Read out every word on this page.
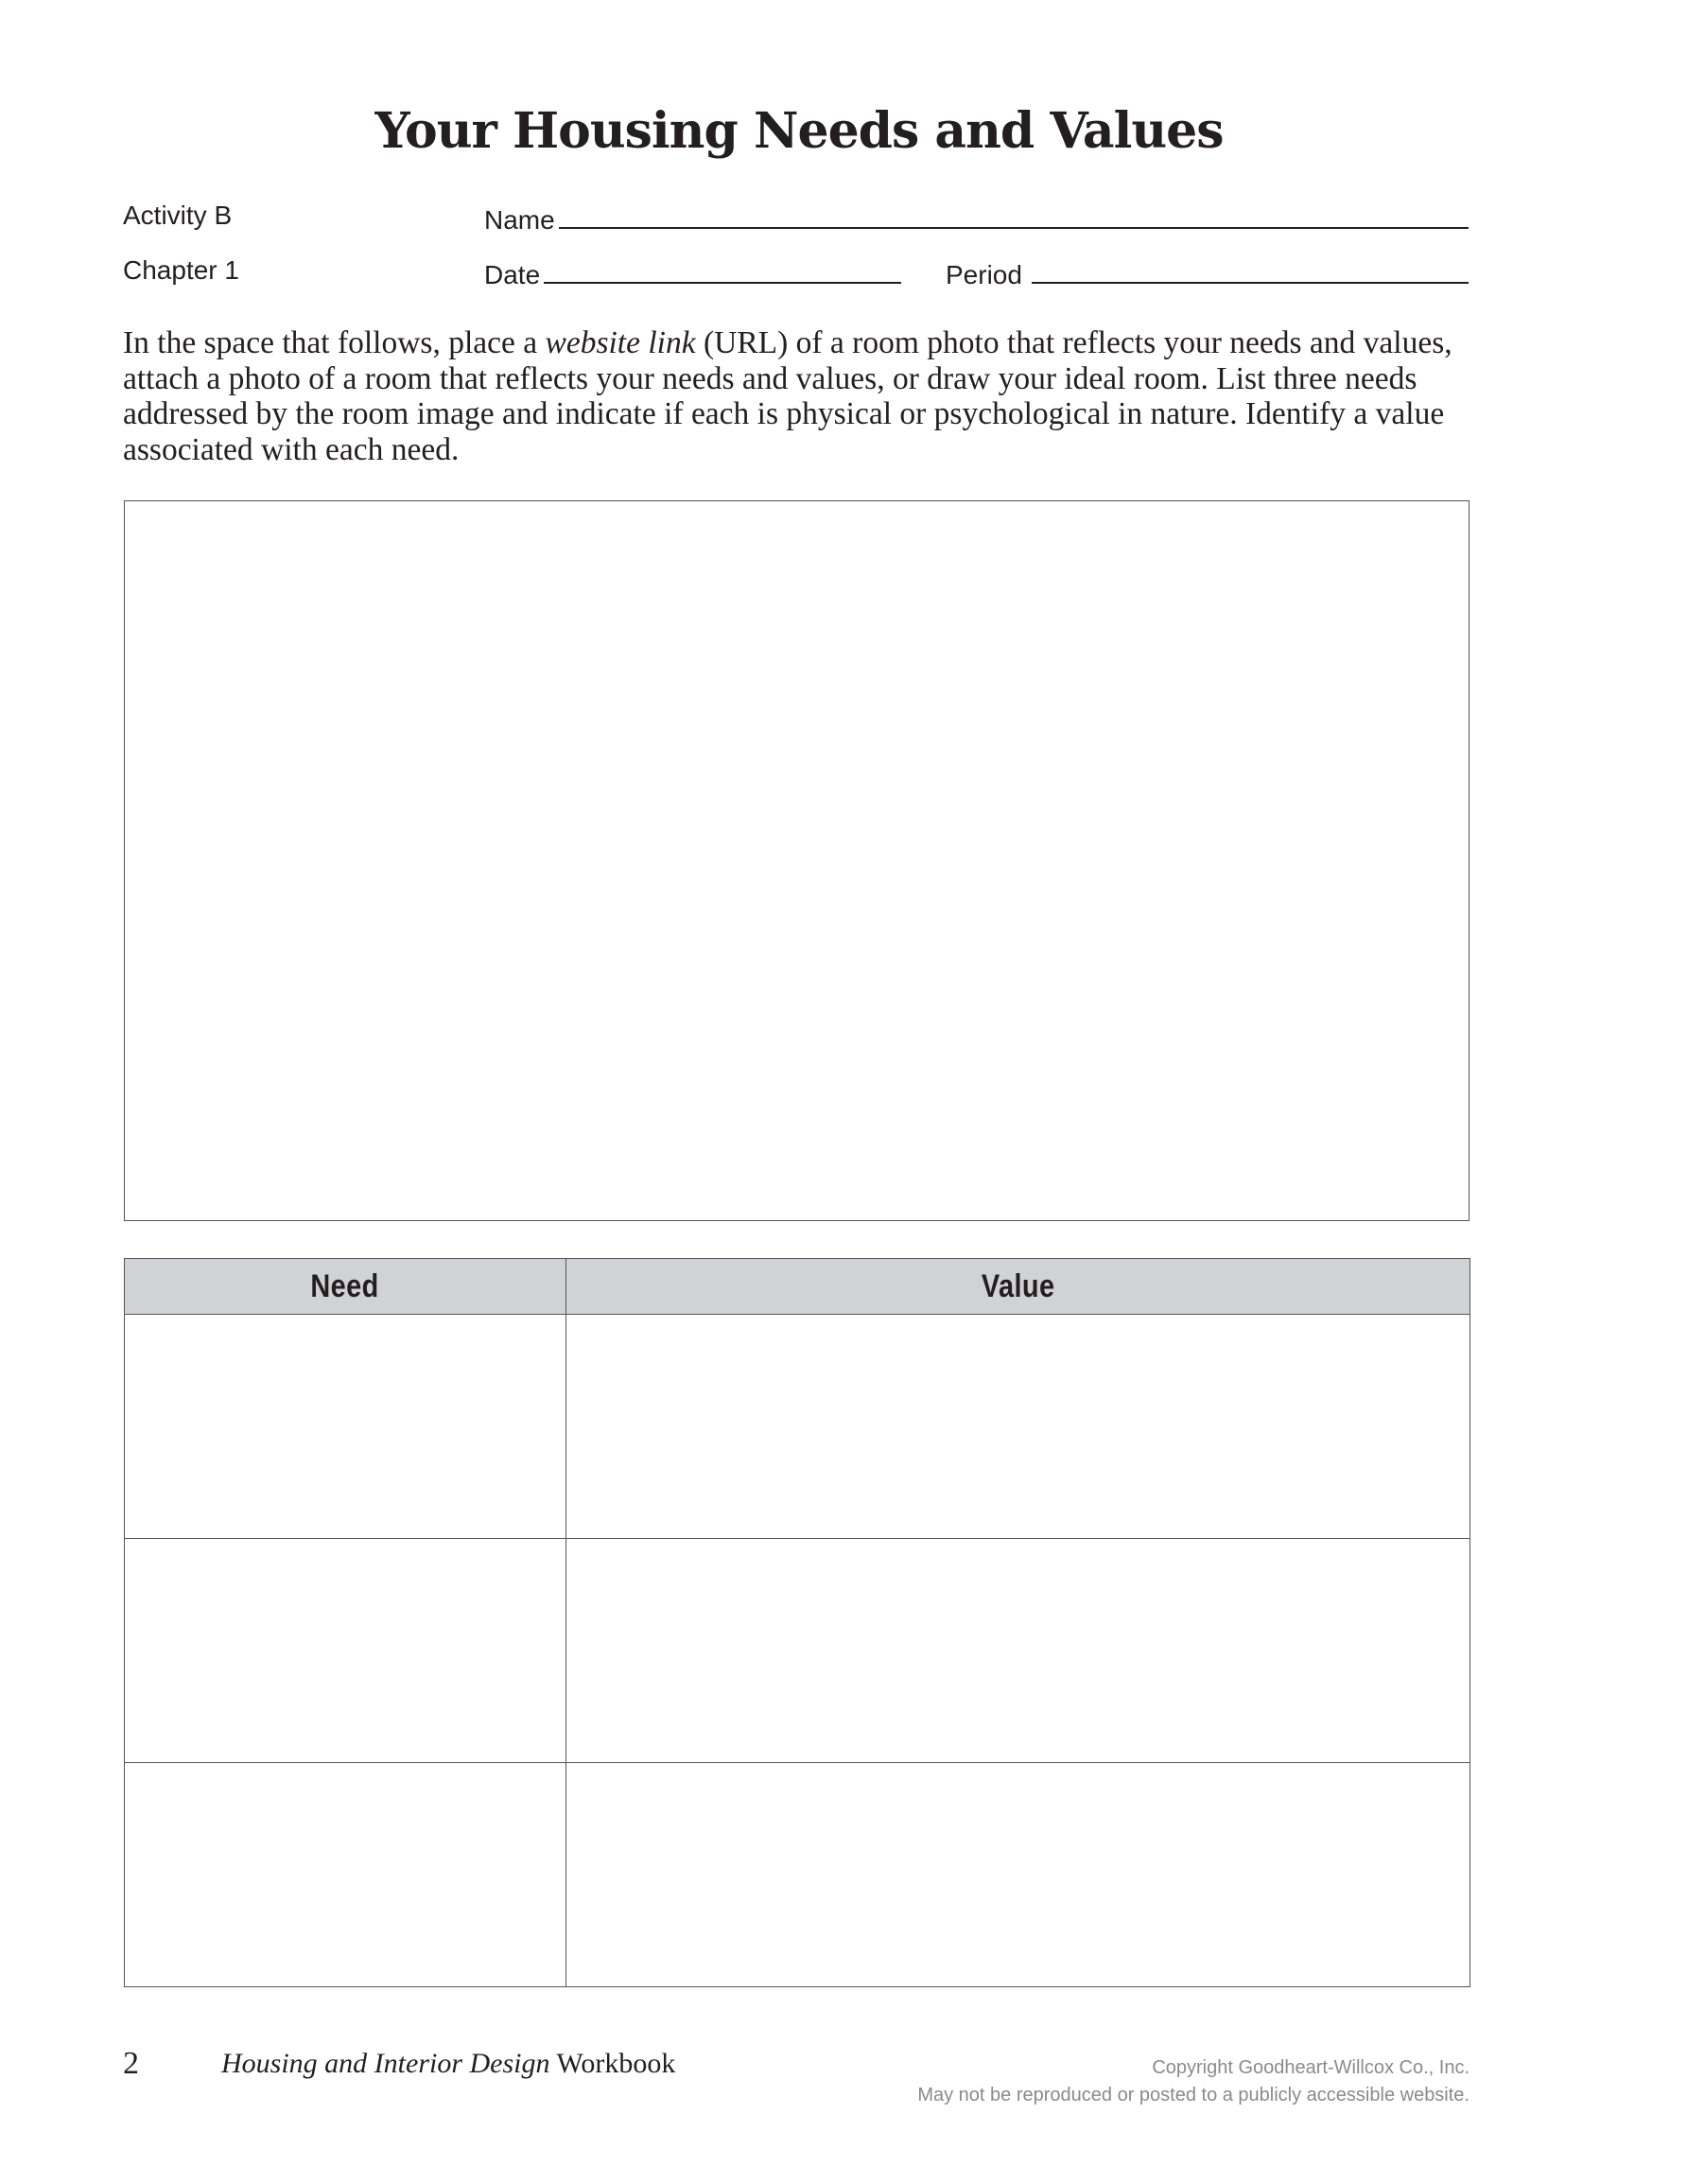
Your Housing Needs and Values
Activity B
Chapter 1
Name
Date	Period

In the space that follows, place a website link (URL) of a room photo that reflects your needs and values, attach a photo of a room that reflects your needs and values, or draw your ideal room. List three needs addressed by the room image and indicate if each is physical or psychological in nature. Identify a value associated with each need.

Need	Value

2	Housing and Interior Design Workbook	Copyright Goodheart-Willcox Co., Inc.
May not be reproduced or posted to a publicly accessible website.
